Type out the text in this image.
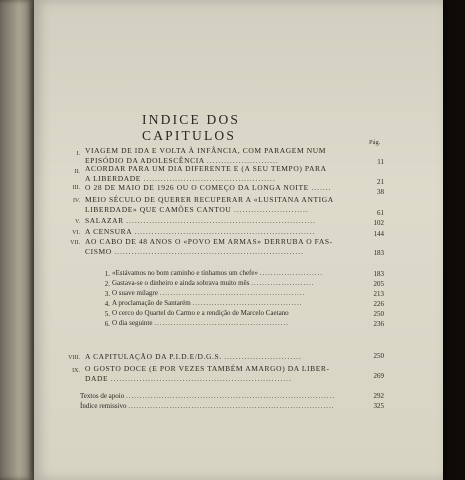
INDICE DOS CAPITULOS	Pág.
I. VIAGEM DE IDA E VOLTA À INFÂNCIA, COM PARAGEM NUM
EPISÓDIO DA ADOLESCÊNCIA .........................	11
II. ACORDAR PARA UM DIA DIFERENTE E (A SEU TEMPO) PARA
A LIBERDADE ..............................................	21
III. O 28 DE MAIO DE 1926 OU O COMEÇO DA LONGA NOITE .......	38
IV. MEIO SÉCULO DE QUERER RECUPERAR A «LUSITANA ANTIGA
LIBERDADE» QUE CAMÕES CANTOU ..........................	61
V. SALAZAR ..................................................................	102
VI. A CENSURA ...............................................................	144
VII. AO CABO DE 48 ANOS O «POVO EM ARMAS» DERRUBA O FAS-
CISMO ..................................................................	183
1. «Estávamos no bom caminho e tínhamos um chefe» .......................	183
2. Gastava-se o dinheiro e ainda sobrava muito mês .......................	205
3. O suave milagre .....................................................	213
4. A proclamação de Santarém ........................................	226
5. O cerco do Quartel do Carmo e a rendição de Marcelo Caetano	250
6. O dia seguinte .................................................	236
VIII. A CAPITULAÇÃO DA P.I.D.E/D.G.S. ...........................	250
IX. O GOSTO DOCE (E POR VEZES TAMBÉM AMARGO) DA LIBER-
DADE ...............................................................	269
Textos de apoio ............................................................................	292
Índice remissivo ...........................................................................	325
